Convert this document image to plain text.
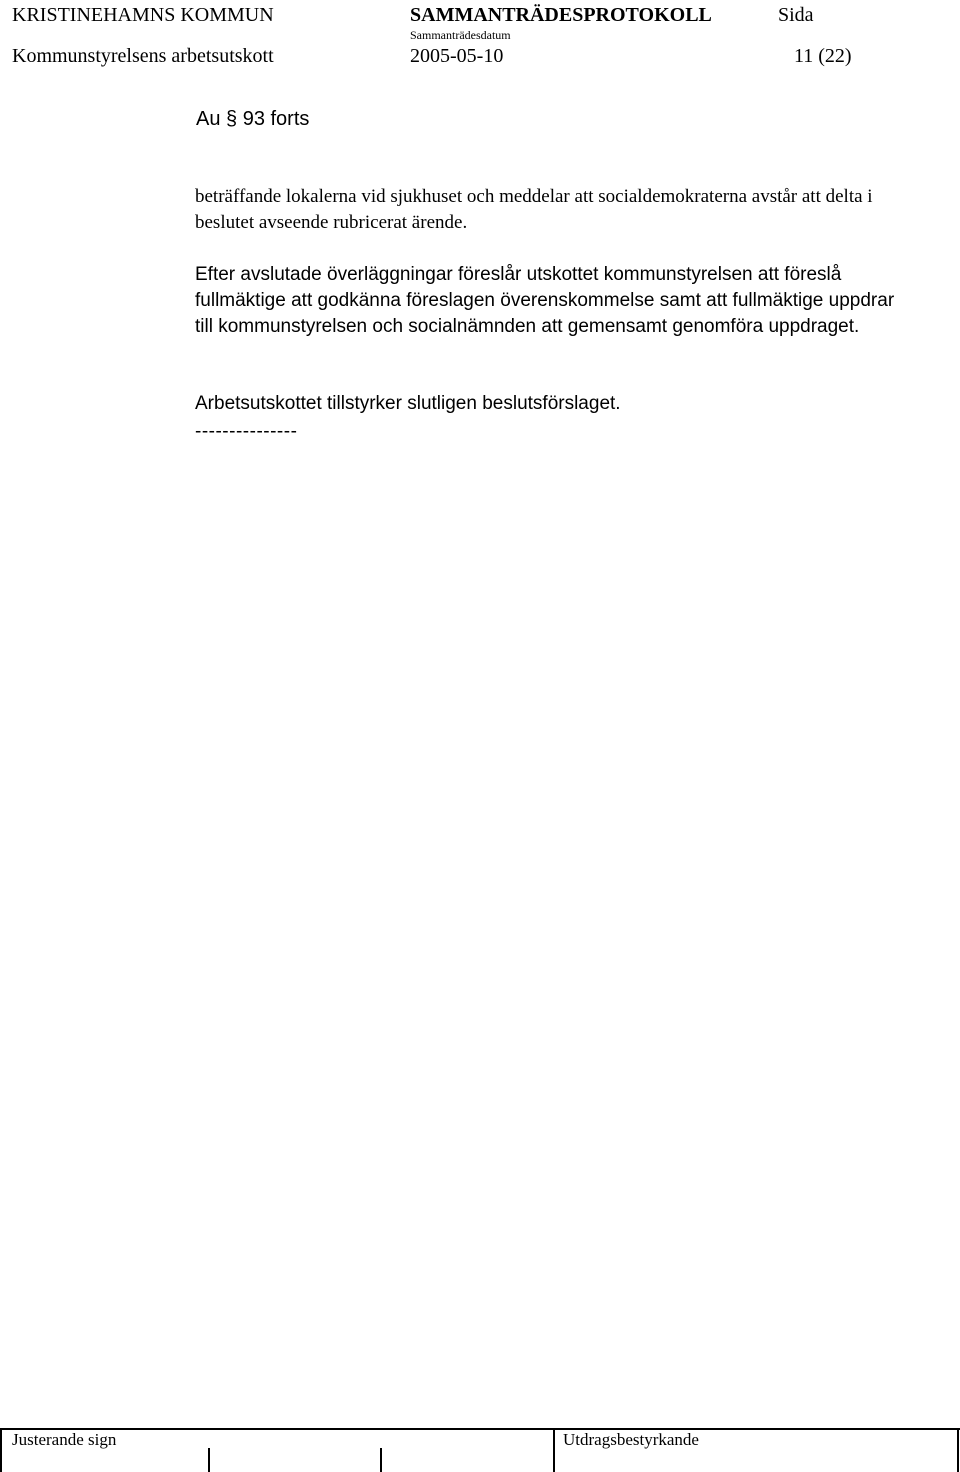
KRISTINEHAMNS KOMMUN	SAMMANTRÄDESPROTOKOLL	Sida
Sammanträdesdatum
Kommunstyrelsens arbetsutskott	2005-05-10	11 (22)
Au § 93 forts

beträffande lokalerna vid sjukhuset och meddelar att socialdemokraterna avstår att delta i beslutet avseende rubricerat ärende.

Efter avslutade överläggningar föreslår utskottet kommunstyrelsen att föreslå fullmäktige att godkänna föreslagen överenskommelse samt att fullmäktige uppdrar till kommunstyrelsen och socialnämnden att gemensamt genomföra uppdraget.

Arbetsutskottet tillstyrker slutligen beslutsförslaget.

---------------
Justerande sign	Utdragsbestyrkande
